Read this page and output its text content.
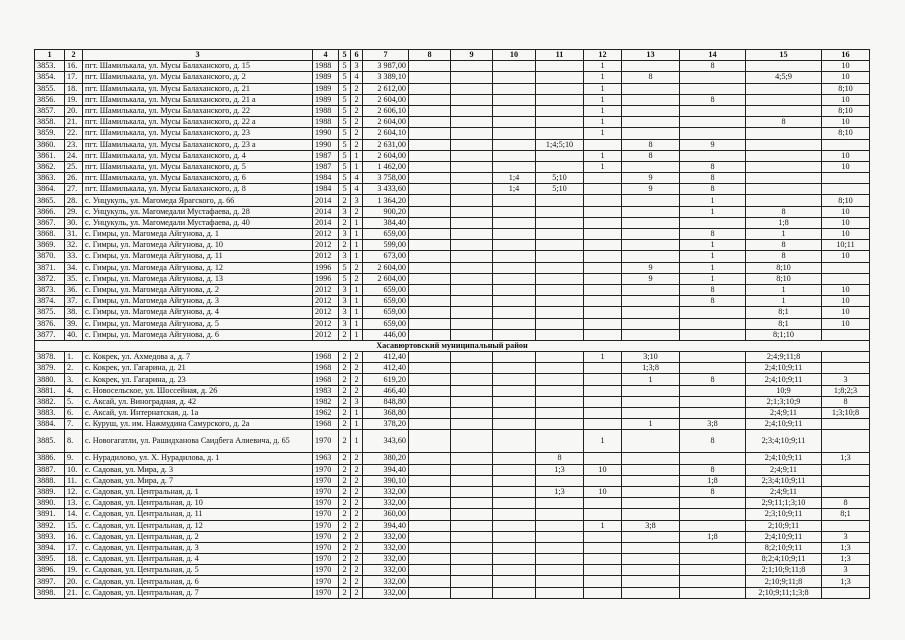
1	2	3	4	5	6	7	8	9	10	11	12	13	14	15	16
3853.	16.	пгт. Шамилькала, ул. Мусы Балаханского, д. 15	1988	5	3	3 987,00					1		8		10
3854.	17.	пгт. Шамилькала, ул. Мусы Балаханского, д. 2	1989	5	4	3 389,10					1	8		4;5;9	10
3855.	18.	пгт. Шамилькала, ул. Мусы Балаханского, д. 21	1989	5	2	2 612,00					1				8;10
3856.	19.	пгт. Шамилькала, ул. Мусы Балаханского, д. 21 а	1989	5	2	2 604,00					1		8		10
3857.	20.	пгт. Шамилькала, ул. Мусы Балаханского, д. 22	1988	5	2	2 606,10					1				8;10
3858.	21.	пгт. Шамилькала, ул. Мусы Балаханского, д. 22 а	1988	5	2	2 604,00					1			8	10
3859.	22.	пгт. Шамилькала, ул. Мусы Балаханского, д. 23	1990	5	2	2 604,10					1				8;10
3860.	23.	пгт. Шамилькала, ул. Мусы Балаханского, д. 23 а	1990	5	2	2 631,00				1;4;5;10		8	9		
3861.	24.	пгт. Шамилькала, ул. Мусы Балаханского, д. 4	1987	5	1	2 604,00					1	8			10
3862.	25.	пгт. Шамилькала, ул. Мусы Балаханского, д. 5	1987	5	1	1 462,00					1		8		10
3863.	26.	пгт. Шамилькала, ул. Мусы Балаханского, д. 6	1984	5	4	3 758,00			1;4	5;10		9	8		
3864.	27.	пгт. Шамилькала, ул. Мусы Балаханского, д. 8	1984	5	4	3 433,60			1;4	5;10		9	8		
3865.	28.	с. Унцукуль, ул. Магомеда Ярагского, д. 66	2014	2	3	1 364,20							1		8;10
3866.	29.	с. Унцукуль, ул. Магомедали Мустафаева, д. 28	2014	3	2	900,20							1	8	10
3867.	30.	с. Унцукуль, ул. Магомедали Мустафаева, д. 40	2014	2	1	384,40								1;8	10
3868.	31.	с. Гимры, ул. Магомеда Айгунова, д. 1	2012	3	1	659,00							8	1	10
3869.	32.	с. Гимры, ул. Магомеда Айгунова, д. 10	2012	2	1	599,00							1	8	10;11
3870.	33.	с. Гимры, ул. Магомеда Айгунова, д. 11	2012	3	1	673,00							1	8	10
3871.	34.	с. Гимры, ул. Магомеда Айгунова, д. 12	1996	5	2	2 604,00						9	1	8;10	
3872.	35.	с. Гимры, ул. Магомеда Айгунова, д. 13	1996	5	2	2 604,00						9	1	8;10	
3873.	36.	с. Гимры, ул. Магомеда Айгунова, д. 2	2012	3	1	659,00							8	1	10
3874.	37.	с. Гимры, ул. Магомеда Айгунова, д. 3	2012	3	1	659,00							8	1	10
3875.	38.	с. Гимры, ул. Магомеда Айгунова, д. 4	2012	3	1	659,00								8;1	10
3876.	39.	с. Гимры, ул. Магомеда Айгунова, д. 5	2012	3	1	659,00								8;1	10
3877.	40.	с. Гимры, ул. Магомеда Айгунова, д. 6	2012	2	1	446,00								8;1;10	
Хасавюртовский муниципальный район															
3878.	1.	с. Кокрек, ул. Ахмедова а, д. 7	1968	2	2	412,40					1	3;10		2;4;9;11;8	
3879.	2.	с. Кокрек, ул. Гагарина, д. 21	1968	2	2	412,40						1;3;8		2;4;10;9;11	
3880.	3.	с. Кокрек, ул. Гагарина, д. 23	1968	2	2	619,20						1	8	2;4;10;9;11	3
3881.	4.	с. Новосельское, ул. Шоссейная, д. 26	1983	2	2	466,40								10;9	1;8;2;3
3882.	5.	с. Аксай, ул. Виноградная, д. 42	1982	2	3	848,80								2;1;3;10;9	8
3883.	6.	с. Аксай, ул. Интернатская, д. 1а	1962	2	1	368,80								2;4;9;11	1;3;10;8
3884.	7.	с. Куруш, ул. им. Нажмудина Самурского, д. 2а	1968	2	1	378,20						1	3;8	2;4;10;9;11	
3885.	8.	с. Новогагатли, ул. Рашидханова Саидбега Алиевича, д. 65	1970	2	1	343,60					1		8	2;3;4;10;9;11	
3886.	9.	с. Нурадилово, ул. Х. Нурадилова, д. 1	1963	2	2	380,20				8				2;4;10;9;11	1;3
3887.	10.	с. Садовая, ул. Мира, д. 3	1970	2	2	394,40				1;3	10		8	2;4;9;11	
3888.	11.	с. Садовая, ул. Мира, д. 7	1970	2	2	390,10							1;8	2;3;4;10;9;11	
3889.	12.	с. Садовая, ул. Центральная, д. 1	1970	2	2	332,00				1;3	10		8	2;4;9;11	
3890.	13.	с. Садовая, ул. Центральная, д. 10	1970	2	2	332,00								2;9;11;1;3;10	8
3891.	14.	с. Садовая, ул. Центральная, д. 11	1970	2	2	360,00								2;3;10;9;11	8;1
3892.	15.	с. Садовая, ул. Центральная, д. 12	1970	2	2	394,40					1	3;8		2;10;9;11	
3893.	16.	с. Садовая, ул. Центральная, д. 2	1970	2	2	332,00							1;8	2;4;10;9;11	3
3894.	17.	с. Садовая, ул. Центральная, д. 3	1970	2	2	332,00								8;2;10;9;11	1;3
3895.	18.	с. Садовая, ул. Центральная, д. 4	1970	2	2	332,00								8;2;4;10;9;11	1;3
3896.	19.	с. Садовая, ул. Центральная, д. 5	1970	2	2	332,00								2;1;10;9;11;8	3
3897.	20.	с. Садовая, ул. Центральная, д. 6	1970	2	2	332,00								2;10;9;11;8	1;3
3898.	21.	с. Садовая, ул. Центральная, д. 7	1970	2	2	332,00								2;10;9;11;1;3;8	
